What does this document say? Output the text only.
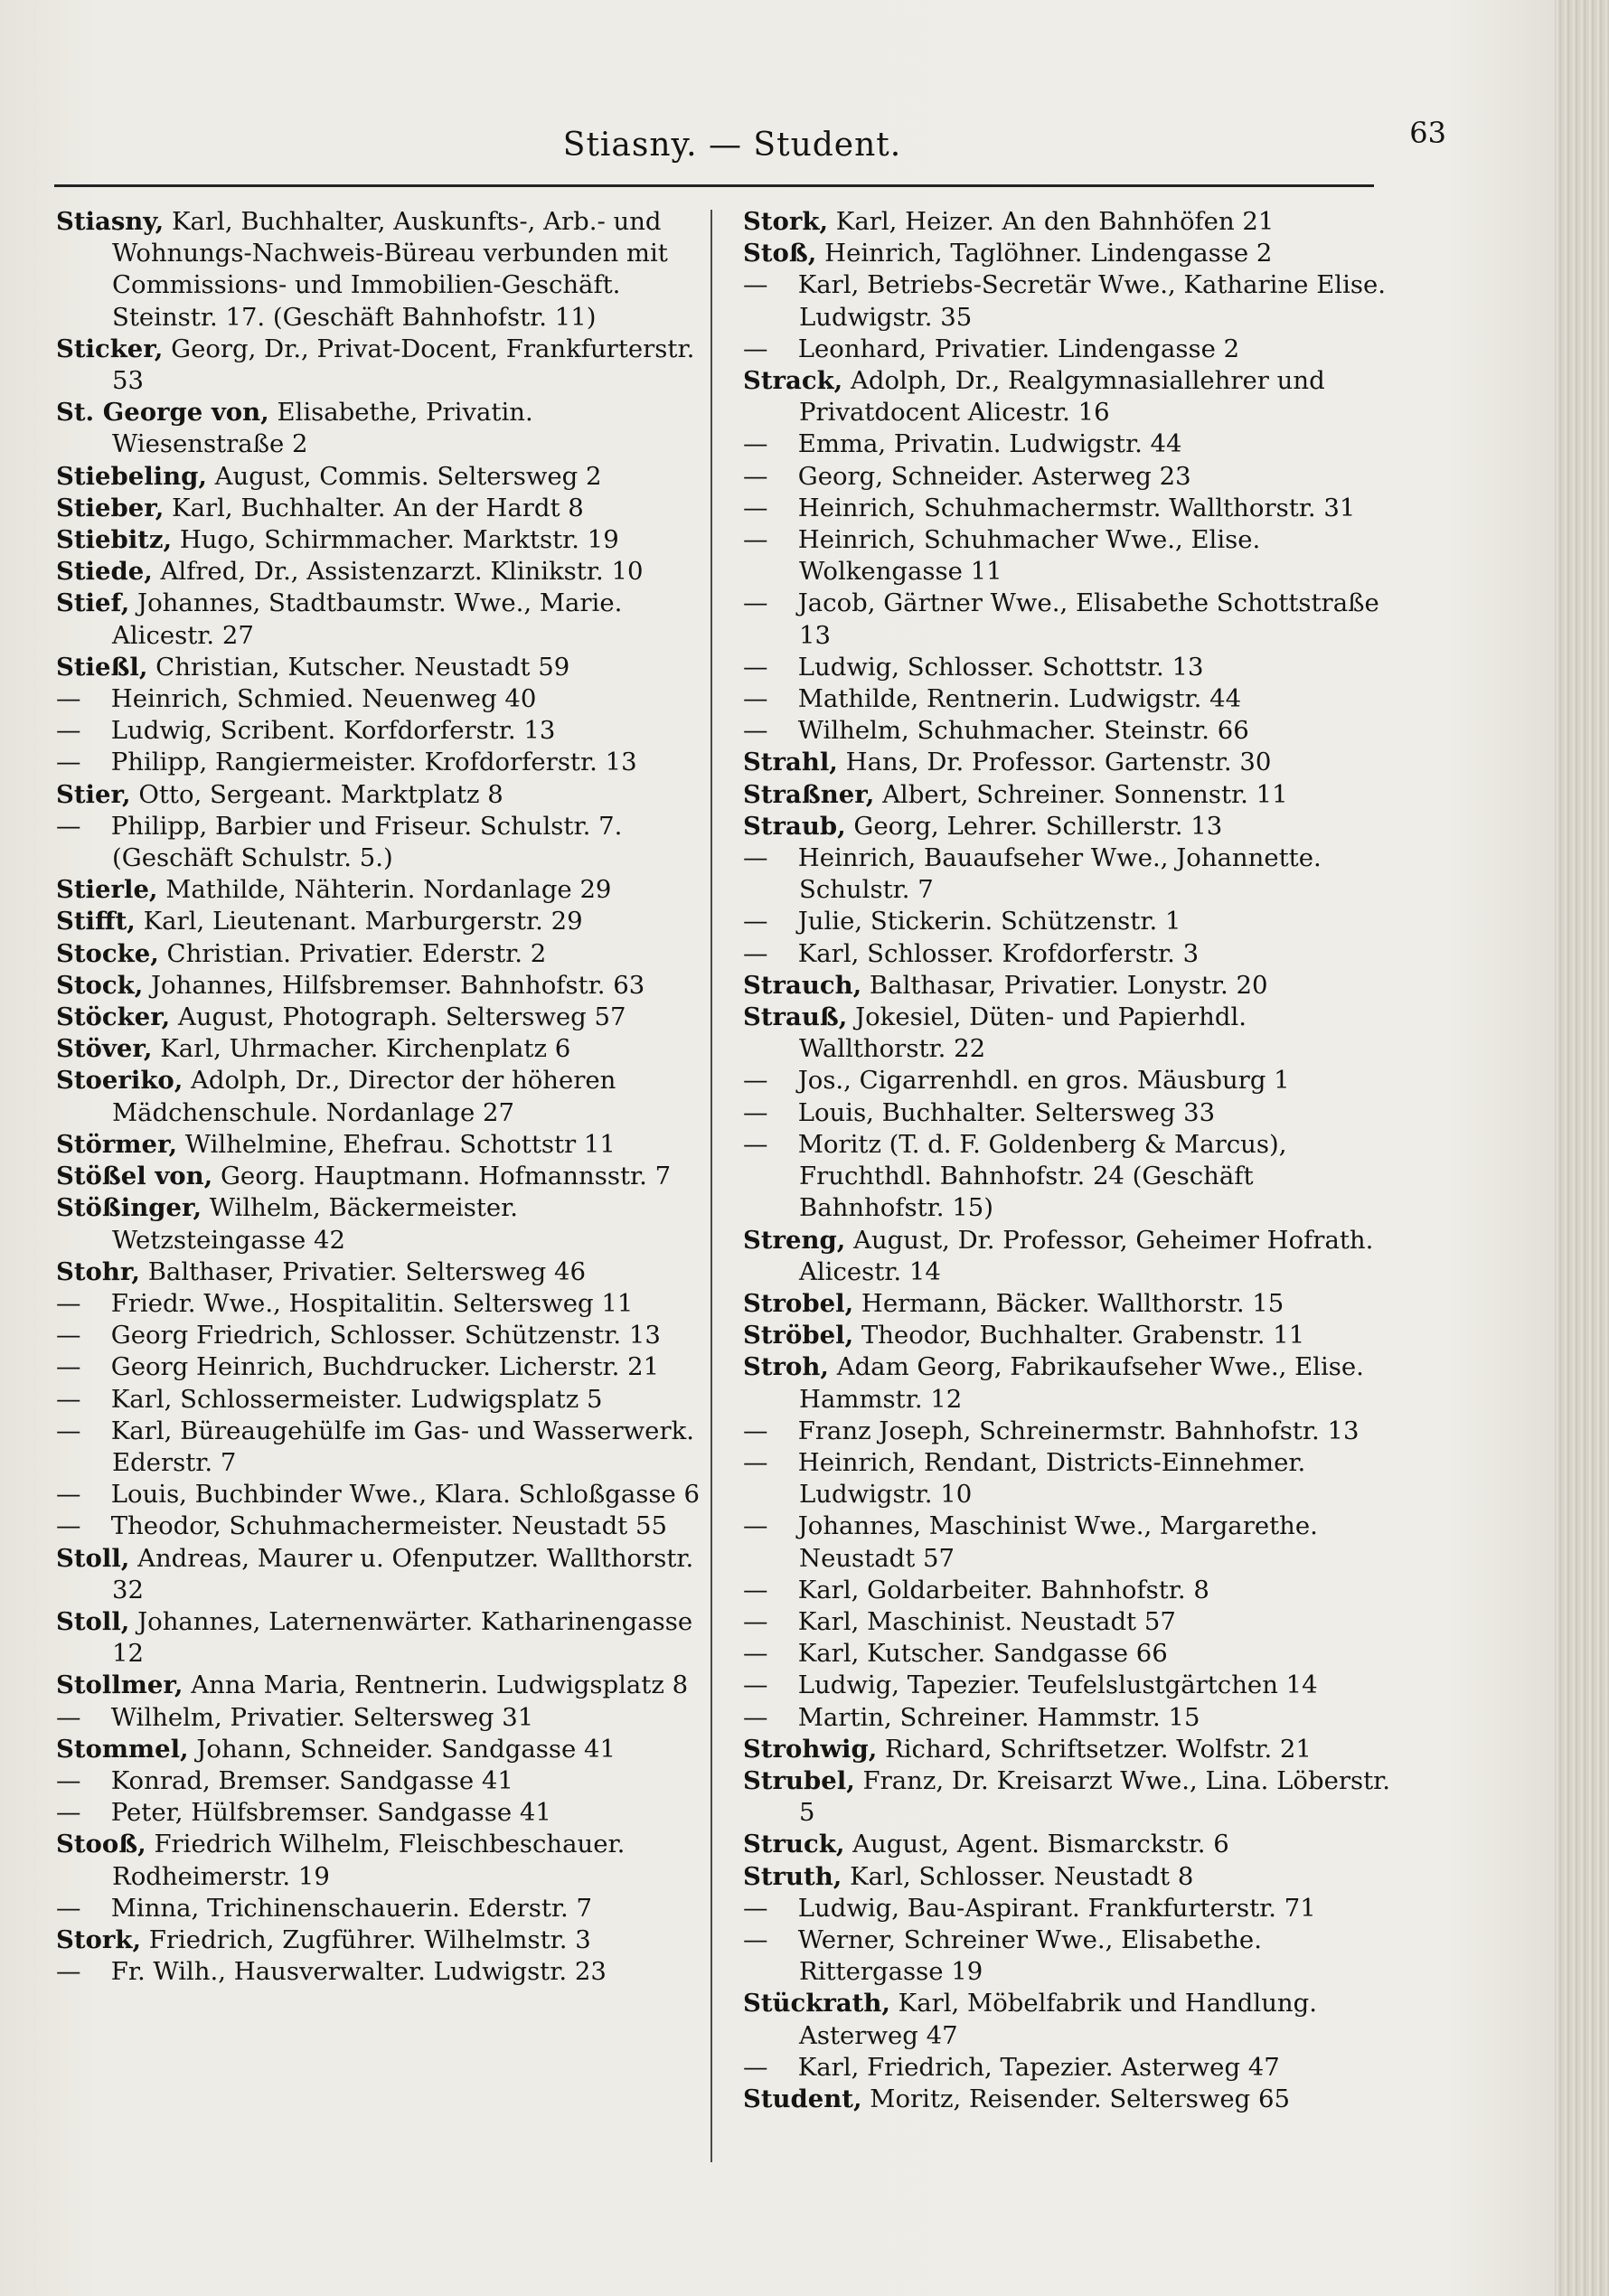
Stiasny. — Student.	63

Stiasny, Karl, Buchhalter, Auskunfts-, Arb.- und Wohnungs-Nachweis-Büreau verbunden mit Commissions- und Immobilien-Geschäft. Steinstr. 17. (Geschäft Bahnhofstr. 11)
Sticker, Georg, Dr., Privat-Docent, Frankfurterstr. 53
St. George von, Elisabethe, Privatin. Wiesenstraße 2
Stiebeling, August, Commis. Seltersweg 2
Stieber, Karl, Buchhalter. An der Hardt 8
Stiebitz, Hugo, Schirmmacher. Marktstr. 19
Stiede, Alfred, Dr., Assistenzarzt. Klinikstr. 10
Stief, Johannes, Stadtbaumstr. Wwe., Marie. Alicestr. 27
Stießl, Christian, Kutscher. Neustadt 59
— Heinrich, Schmied. Neuenweg 40
— Ludwig, Scribent. Korfdorferstr. 13
— Philipp, Rangiermeister. Krofdorferstr. 13
Stier, Otto, Sergeant. Marktplatz 8
— Philipp, Barbier und Friseur. Schulstr. 7. (Geschäft Schulstr. 5.)
Stierle, Mathilde, Nähterin. Nordanlage 29
Stifft, Karl, Lieutenant. Marburgerstr. 29
Stocke, Christian. Privatier. Ederstr. 2
Stock, Johannes, Hilfsbremser. Bahnhofstr. 63
Stöcker, August, Photograph. Seltersweg 57
Stöver, Karl, Uhrmacher. Kirchenplatz 6
Stoeriko, Adolph, Dr., Director der höheren Mädchenschule. Nordanlage 27
Störmer, Wilhelmine, Ehefrau. Schottstr 11
Stößel von, Georg. Hauptmann. Hofmannsstr. 7
Stößinger, Wilhelm, Bäckermeister. Wetzsteingasse 42
Stohr, Balthaser, Privatier. Seltersweg 46
— Friedr. Wwe., Hospitalitin. Seltersweg 11
— Georg Friedrich, Schlosser. Schützenstr. 13
— Georg Heinrich, Buchdrucker. Licherstr. 21
— Karl, Schlossermeister. Ludwigsplatz 5
— Karl, Büreaugehülfe im Gas- und Wasserwerk. Ederstr. 7
— Louis, Buchbinder Wwe., Klara. Schloßgasse 6
— Theodor, Schuhmachermeister. Neustadt 55
Stoll, Andreas, Maurer u. Ofenputzer. Wallthorstr. 32
Stoll, Johannes, Laternenwärter. Katharinengasse 12
Stollmer, Anna Maria, Rentnerin. Ludwigsplatz 8
— Wilhelm, Privatier. Seltersweg 31
Stommel, Johann, Schneider. Sandgasse 41
— Konrad, Bremser. Sandgasse 41
— Peter, Hülfsbremser. Sandgasse 41
Stooß, Friedrich Wilhelm, Fleischbeschauer. Rodheimerstr. 19
— Minna, Trichinenschauerin. Ederstr. 7
Stork, Friedrich, Zugführer. Wilhelmstr. 3
— Fr. Wilh., Hausverwalter. Ludwigstr. 23
Stork, Karl, Heizer. An den Bahnhöfen 21
Stoß, Heinrich, Taglöhner. Lindengasse 2
— Karl, Betriebs-Secretär Wwe., Katharine Elise. Ludwigstr. 35
— Leonhard, Privatier. Lindengasse 2
Strack, Adolph, Dr., Realgymnasiallehrer und Privatdocent Alicestr. 16
— Emma, Privatin. Ludwigstr. 44
— Georg, Schneider. Asterweg 23
— Heinrich, Schuhmachermstr. Wallthorstr. 31
— Heinrich, Schuhmacher Wwe., Elise. Wolkengasse 11
— Jacob, Gärtner Wwe., Elisabethe Schottstraße 13
— Ludwig, Schlosser. Schottstr. 13
— Mathilde, Rentnerin. Ludwigstr. 44
— Wilhelm, Schuhmacher. Steinstr. 66
Strahl, Hans, Dr. Professor. Gartenstr. 30
Straßner, Albert, Schreiner. Sonnenstr. 11
Straub, Georg, Lehrer. Schillerstr. 13
— Heinrich, Bauaufseher Wwe., Johannette. Schulstr. 7
— Julie, Stickerin. Schützenstr. 1
— Karl, Schlosser. Krofdorferstr. 3
Strauch, Balthasar, Privatier. Lonystr. 20
Strauß, Jokesiel, Düten- und Papierhdl. Wallthorstr. 22
— Jos., Cigarrenhdl. en gros. Mäusburg 1
— Louis, Buchhalter. Seltersweg 33
— Moritz (T. d. F. Goldenberg & Marcus), Fruchthdl. Bahnhofstr. 24 (Geschäft Bahnhofstr. 15)
Streng, August, Dr. Professor, Geheimer Hofrath. Alicestr. 14
Strobel, Hermann, Bäcker. Wallthorstr. 15
Ströbel, Theodor, Buchhalter. Grabenstr. 11
Stroh, Adam Georg, Fabrikaufseher Wwe., Elise. Hammstr. 12
— Franz Joseph, Schreinermstr. Bahnhofstr. 13
— Heinrich, Rendant, Districts-Einnehmer. Ludwigstr. 10
— Johannes, Maschinist Wwe., Margarethe. Neustadt 57
— Karl, Goldarbeiter. Bahnhofstr. 8
— Karl, Maschinist. Neustadt 57
— Karl, Kutscher. Sandgasse 66
— Ludwig, Tapezier. Teufelslustgärtchen 14
— Martin, Schreiner. Hammstr. 15
Strohwig, Richard, Schriftsetzer. Wolfstr. 21
Strubel, Franz, Dr. Kreisarzt Wwe., Lina. Löberstr. 5
Struck, August, Agent. Bismarckstr. 6
Struth, Karl, Schlosser. Neustadt 8
— Ludwig, Bau-Aspirant. Frankfurterstr. 71
— Werner, Schreiner Wwe., Elisabethe. Rittergasse 19
Stückrath, Karl, Möbelfabrik und Handlung. Asterweg 47
— Karl, Friedrich, Tapezier. Asterweg 47
Student, Moritz, Reisender. Seltersweg 65
